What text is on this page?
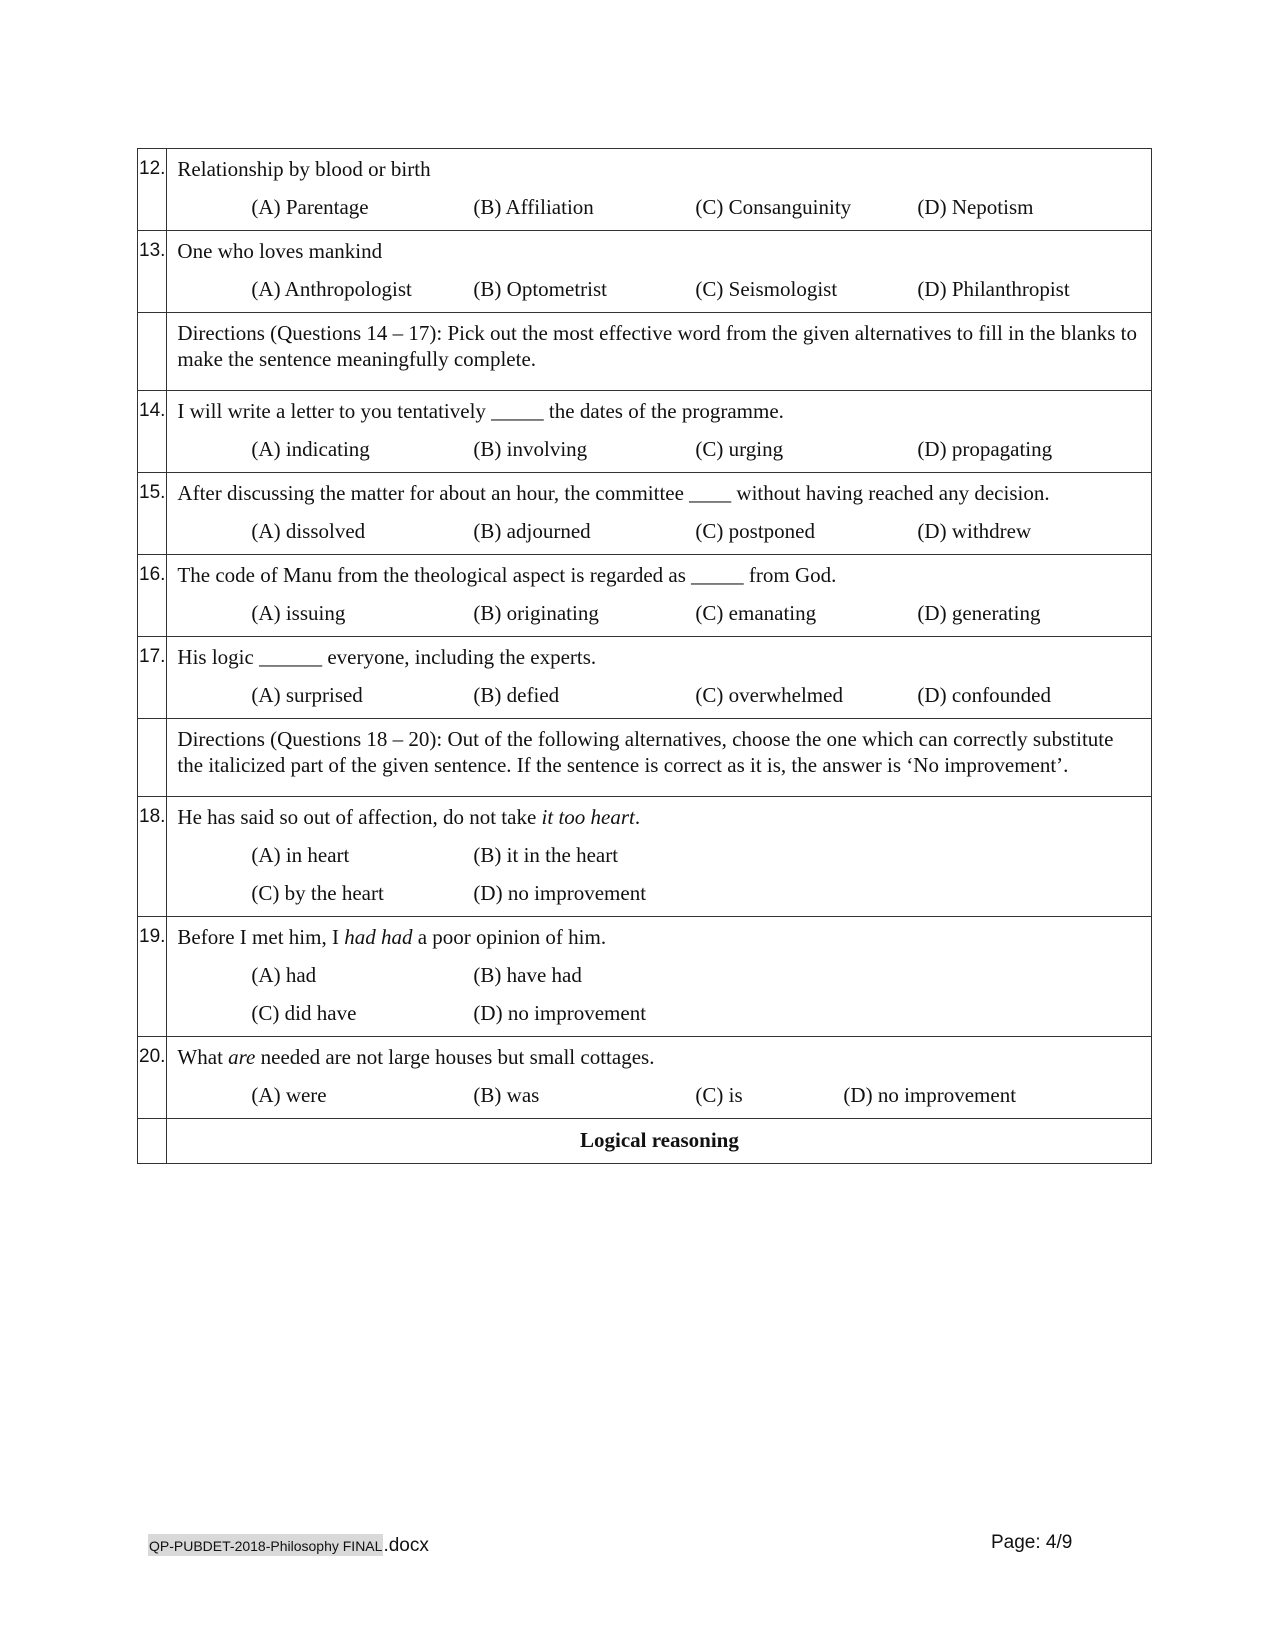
12.	Relationship by blood or birth
(A) Parentage (B) Affiliation (C) Consanguinity (D) Nepotism

13.	One who loves mankind
(A) Anthropologist (B) Optometrist (C) Seismologist (D) Philanthropist

	Directions (Questions 14 – 17): Pick out the most effective word from the given alternatives to fill in the blanks to make the sentence meaningfully complete.

14.	I will write a letter to you tentatively _____ the dates of the programme.
(A) indicating (B) involving (C) urging (D) propagating

15.	After discussing the matter for about an hour, the committee ____ without having reached any decision.
(A) dissolved (B) adjourned (C) postponed (D) withdrew

16.	The code of Manu from the theological aspect is regarded as _____ from God.
(A) issuing (B) originating (C) emanating (D) generating

17.	His logic ______ everyone, including the experts.
(A) surprised (B) defied (C) overwhelmed (D) confounded

	Directions (Questions 18 – 20): Out of the following alternatives, choose the one which can correctly substitute the italicized part of the given sentence. If the sentence is correct as it is, the answer is ‘No improvement’.

18.	He has said so out of affection, do not take it too heart.
(A) in heart (B) it in the heart
(C) by the heart (D) no improvement

19.	Before I met him, I had had a poor opinion of him.
(A) had (B) have had
(C) did have (D) no improvement

20.	What are needed are not large houses but small cottages.
(A) were (B) was (C) is (D) no improvement

	Logical reasoning
QP-PUBDET-2018-Philosophy FINAL .docx	Page: 4/9
